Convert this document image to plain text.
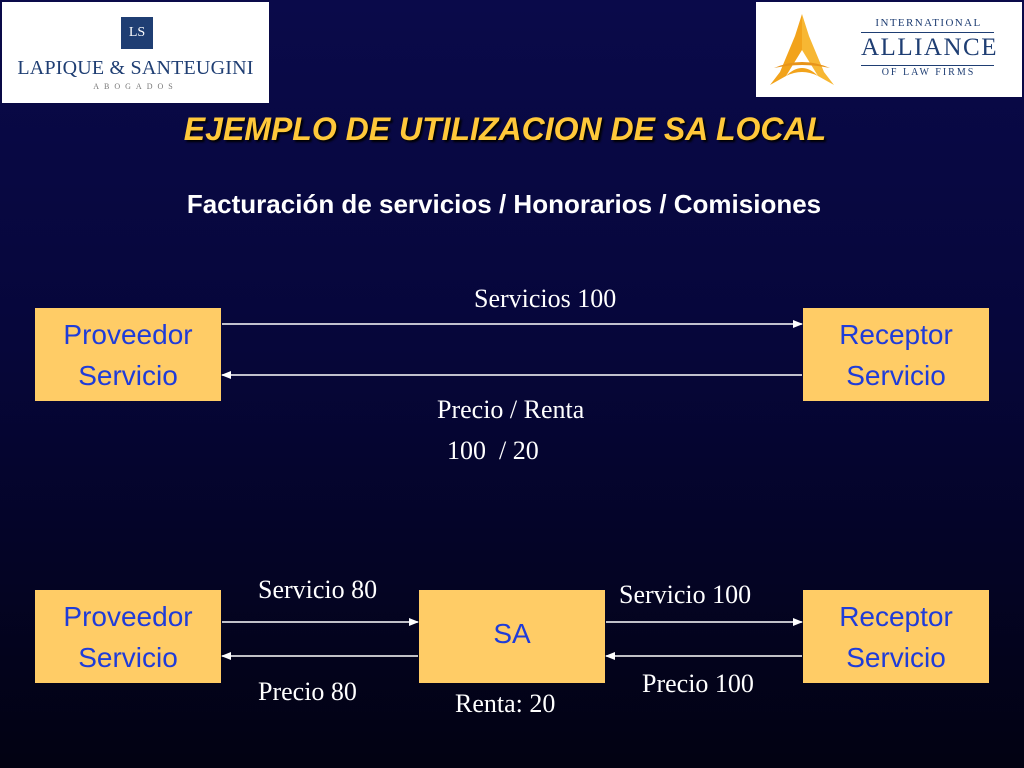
LS
LAPIQUE & SANTEUGINI
ABOGADOS
INTERNATIONAL
ALLIANCE
OF LAW FIRMS
EJEMPLO DE UTILIZACION DE SA LOCAL
Facturación de servicios / Honorarios / Comisiones
Proveedor
Servicio
Receptor
Servicio
Servicios 100
Precio / Renta
100  / 20
Proveedor
Servicio
SA
Receptor
Servicio
Servicio 80	Servicio 100
Precio 80	Precio 100
Renta: 20
